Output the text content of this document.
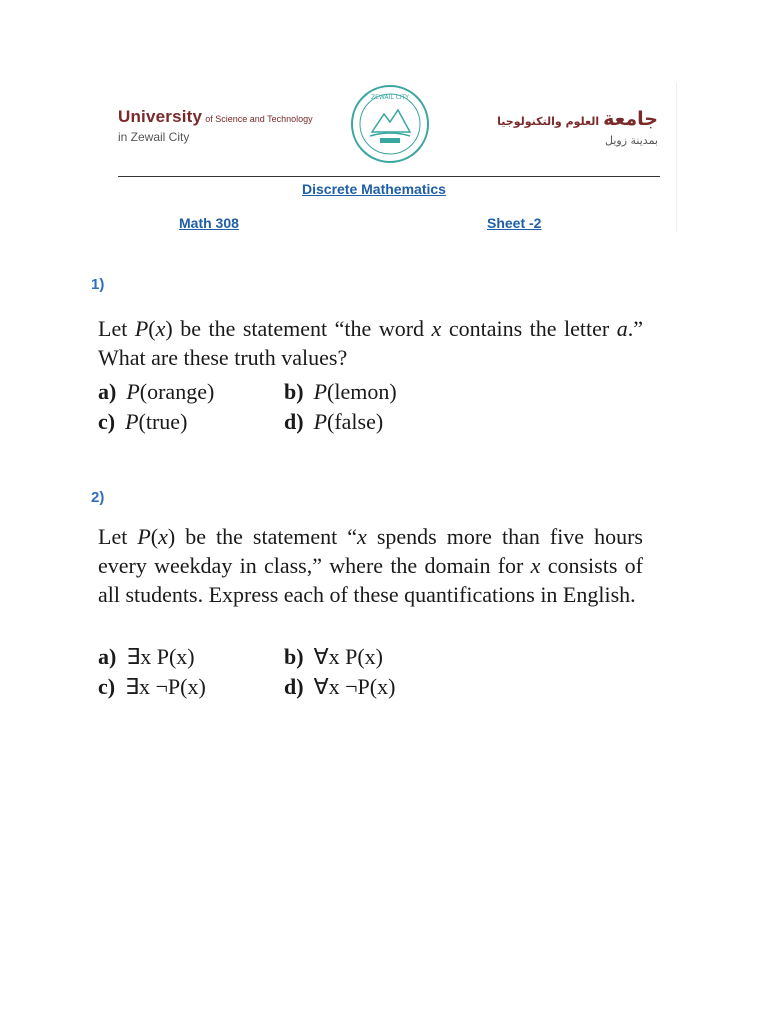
University of Science and Technology
in Zewail City
ZEWAIL CITY
جامعةالعلوم والتكنولوجيا
بمدينة زويل
Discrete Mathematics
Math 308	Sheet -2
1)
Let P(x) be the statement “the word x contains the letter a.” What are these truth values?
a) P(orange)	b) P(lemon)
c) P(true)	d) P(false)
2)
Let P(x) be the statement “x spends more than five hours every weekday in class,” where the domain for x consists of all students. Express each of these quantifications in English.
a) ∃x P(x)	b) ∀x P(x)
c) ∃x ¬P(x)	d) ∀x ¬P(x)
